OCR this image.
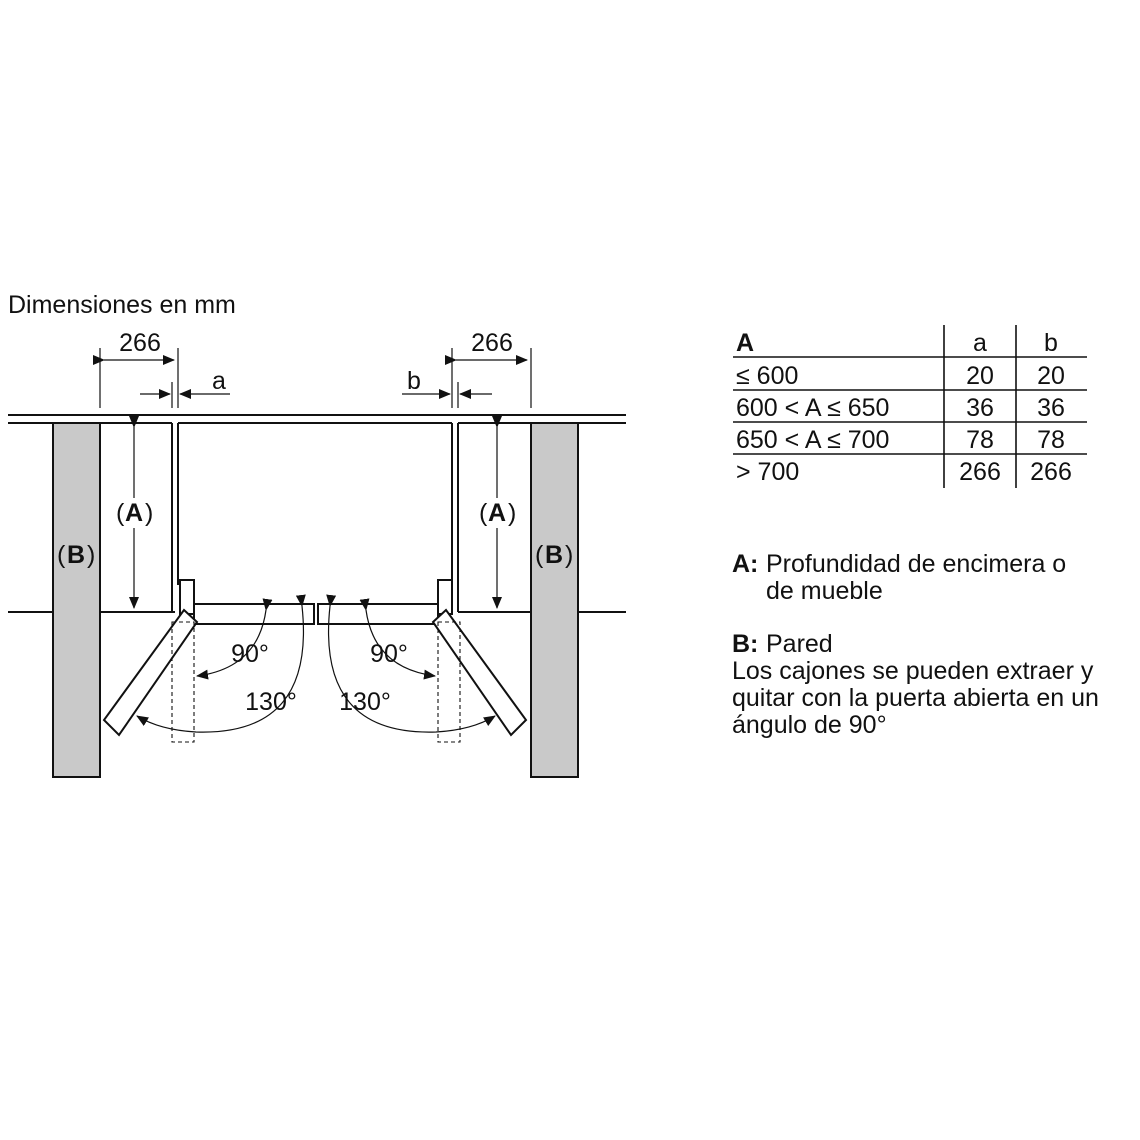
Dimensiones en mm
266	266
a	b
( A )	( A )
( B )	( B )
90°	90°
130° 130°
A	a b
≤ 600	20 20
600 < A ≤ 650	36 36
650 < A ≤ 700	78 78
> 700	266 266
A: Profundidad de encimera o
de mueble
B: Pared
Los cajones se pueden extraer y
quitar con la puerta abierta en un
ángulo de 90°
